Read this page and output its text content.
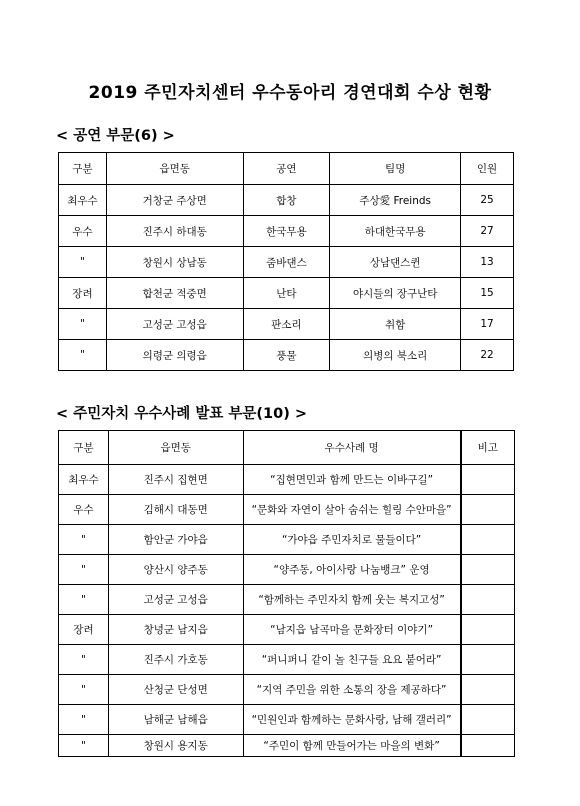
2019 주민자치센터 우수동아리 경연대회 수상 현황
< 공연 부문(6) >
구분	읍면동	공연	팀명	인원
최우수	거창군 주상면	합창	주상愛 Freinds	25
우수	진주시 하대동	한국무용	하대한국무용	27
"	창원시 상남동	줌바댄스	상남댄스퀸	13
장려	합천군 적중면	난타	야시들의 장구난타	15
"	고성군 고성읍	판소리	취함	17
"	의령군 의령읍	풍물	의병의 북소리	22
< 주민자치 우수사례 발표 부문(10) >
구분	읍면동	우수사례 명	비고
최우수	진주시 집현면	“집현면민과 함께 만드는 이바구길”	
우수	김해시 대동면	“문화와 자연이 살아 숨쉬는 힐링 수안마을”	
"	함안군 가야읍	“가야읍 주민자치로 물들이다”	
"	양산시 양주동	“양주동, 아이사랑 나눔뱅크” 운영	
"	고성군 고성읍	“함께하는 주민자치 함께 웃는 복지고성”	
장려	창녕군 남지읍	“남지읍 남곡마을 문화장터 이야기”	
"	진주시 가호동	“퍼니퍼니 같이 놀 친구들 요요 붙어라”	
"	산청군 단성면	“지역 주민을 위한 소통의 장을 제공하다”	
"	남해군 남해읍	“민원인과 함께하는 문화사랑, 남해 갤러리”	
"	창원시 용지동	“주민이 함께 만들어가는 마을의 변화”	
